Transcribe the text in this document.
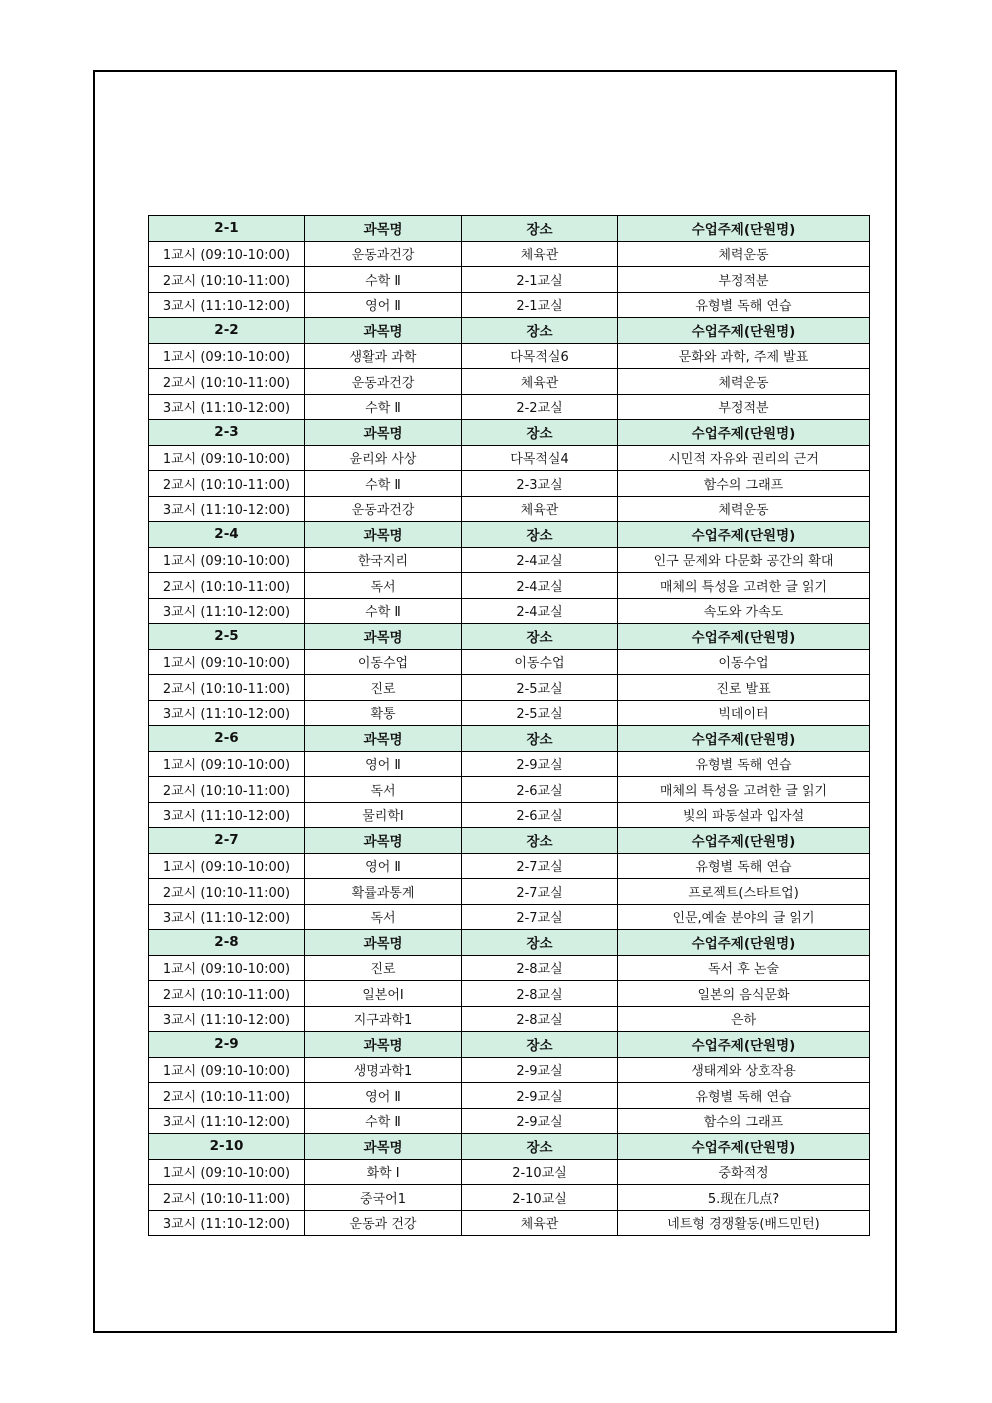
2-1	과목명	장소	수업주제(단원명)
1교시 (09:10-10:00)	운동과건강	체육관	체력운동
2교시 (10:10-11:00)	수학 Ⅱ	2-1교실	부정적분
3교시 (11:10-12:00)	영어 Ⅱ	2-1교실	유형별 독해 연습
2-2	과목명	장소	수업주제(단원명)
1교시 (09:10-10:00)	생활과 과학	다목적실6	문화와 과학, 주제 발표
2교시 (10:10-11:00)	운동과건강	체육관	체력운동
3교시 (11:10-12:00)	수학 Ⅱ	2-2교실	부정적분
2-3	과목명	장소	수업주제(단원명)
1교시 (09:10-10:00)	윤리와 사상	다목적실4	시민적 자유와 권리의 근거
2교시 (10:10-11:00)	수학 Ⅱ	2-3교실	함수의 그래프
3교시 (11:10-12:00)	운동과건강	체육관	체력운동
2-4	과목명	장소	수업주제(단원명)
1교시 (09:10-10:00)	한국지리	2-4교실	인구 문제와 다문화 공간의 확대
2교시 (10:10-11:00)	독서	2-4교실	매체의 특성을 고려한 글 읽기
3교시 (11:10-12:00)	수학 Ⅱ	2-4교실	속도와 가속도
2-5	과목명	장소	수업주제(단원명)
1교시 (09:10-10:00)	이동수업	이동수업	이동수업
2교시 (10:10-11:00)	진로	2-5교실	진로 발표
3교시 (11:10-12:00)	확통	2-5교실	빅데이터
2-6	과목명	장소	수업주제(단원명)
1교시 (09:10-10:00)	영어 Ⅱ	2-9교실	유형별 독해 연습
2교시 (10:10-11:00)	독서	2-6교실	매체의 특성을 고려한 글 읽기
3교시 (11:10-12:00)	물리학Ⅰ	2-6교실	빛의 파동설과 입자설
2-7	과목명	장소	수업주제(단원명)
1교시 (09:10-10:00)	영어 Ⅱ	2-7교실	유형별 독해 연습
2교시 (10:10-11:00)	확률과통계	2-7교실	프로젝트(스타트업)
3교시 (11:10-12:00)	독서	2-7교실	인문,예술 분야의 글 읽기
2-8	과목명	장소	수업주제(단원명)
1교시 (09:10-10:00)	진로	2-8교실	독서 후 논술
2교시 (10:10-11:00)	일본어Ⅰ	2-8교실	일본의 음식문화
3교시 (11:10-12:00)	지구과학1	2-8교실	은하
2-9	과목명	장소	수업주제(단원명)
1교시 (09:10-10:00)	생명과학1	2-9교실	생태계와 상호작용
2교시 (10:10-11:00)	영어 Ⅱ	2-9교실	유형별 독해 연습
3교시 (11:10-12:00)	수학 Ⅱ	2-9교실	함수의 그래프
2-10	과목명	장소	수업주제(단원명)
1교시 (09:10-10:00)	화학 Ⅰ	2-10교실	중화적정
2교시 (10:10-11:00)	중국어1	2-10교실	5.现在几点?
3교시 (11:10-12:00)	운동과 건강	체육관	네트형 경쟁활동(배드민턴)
